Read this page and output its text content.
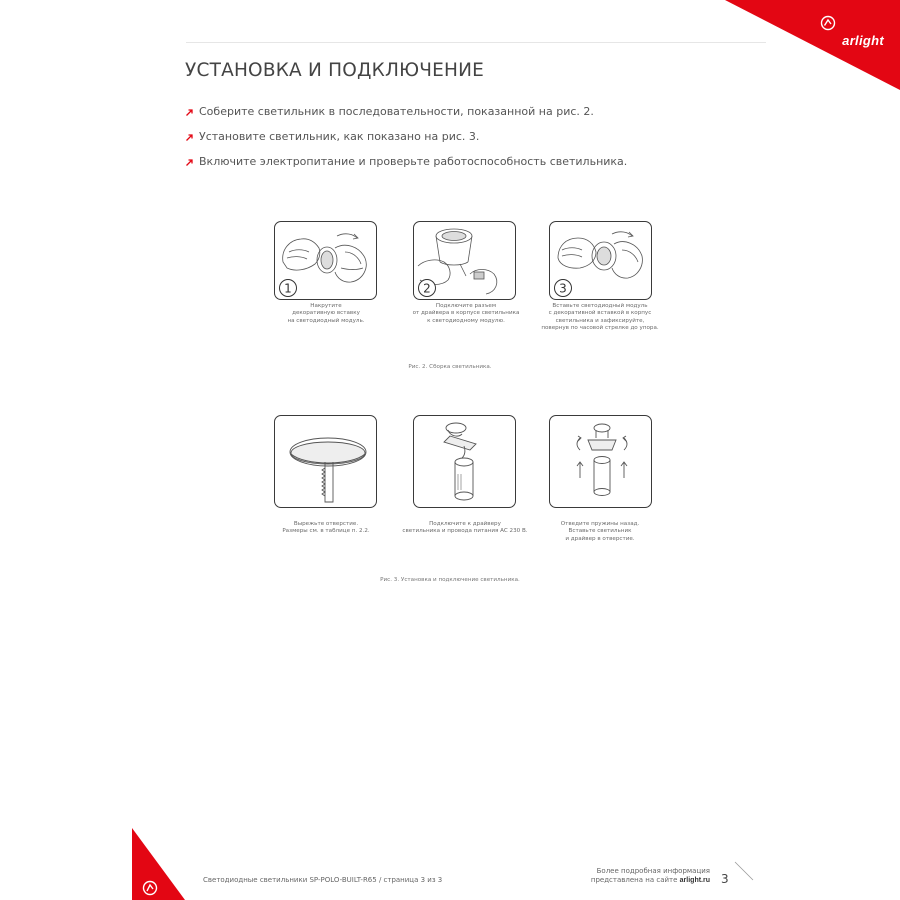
arlight
УСТАНОВКА И ПОДКЛЮЧЕНИЕ
Соберите светильник в последовательности, показанной на рис. 2.
Установите светильник, как показано на рис. 3.
Включите электропитание и проверьте работоспособность светильника.
1
Накрутите
декоративную вставку
на светодиодный модуль.
2
Подключите разъем
от драйвера в корпусе светильника
к светодиодному модулю.
3
Вставьте светодиодный модуль
с декоративной вставкой в корпус
светильника и зафиксируйте,
повернув по часовой стрелке до упора.
Рис. 2. Сборка светильника.
Вырежьте отверстие.
Размеры см. в таблице п. 2.2.
Подключите к драйверу
светильника и провода питания AC 230 В.
Отведите пружины назад.
Вставьте светильник
и драйвер в отверстие.
Рис. 3. Установка и подключение светильника.
Светодиодные светильники SP-POLO-BUILT-R65 / страница 3 из 3
Более подробная информация
представлена на сайте arlight.ru 3
